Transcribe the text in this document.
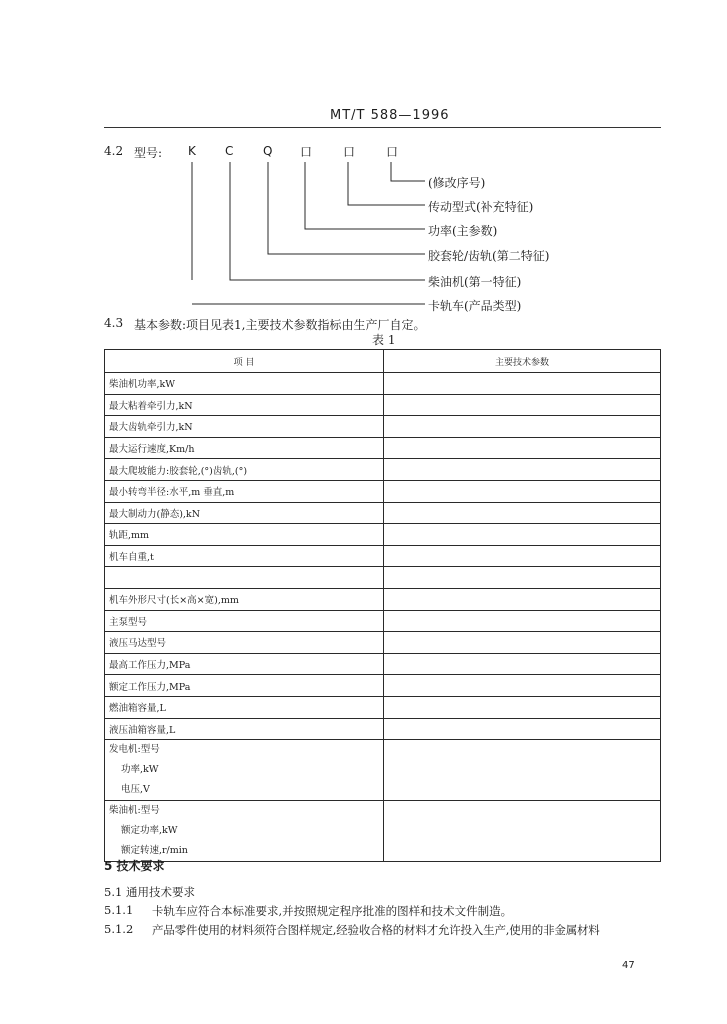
MT/T 588—1996
4.2 型号: K C Q 口	口	口
(修改序号)
传动型式(补充特征)
功率(主参数)
胶套轮/齿轨(第二特征)
柴油机(第一特征)
卡轨车(产品类型)
4.3 基本参数:项目见表1,主要技术参数指标由生产厂自定。
表 1
项 目	主要技术参数
柴油机功率,kW	
最大粘着牵引力,kN	
最大齿轨牵引力,kN	
最大运行速度,Km/h	
最大爬坡能力:胶套轮,(°)齿轨,(°)	
最小转弯半径:水平,m 垂直,m	
最大制动力(静态),kN	
轨距,mm	
机车自重,t	

机车外形尺寸(长×高×宽),mm	
主泵型号	
液压马达型号	
最高工作压力,MPa	
额定工作压力,MPa	
燃油箱容量,L	
液压油箱容量,L	

发电机:型号
功率,kW
电压,V	

柴油机:型号
额定功率,kW
额定转速,r/min	

5 技术要求
5.1 通用技术要求
5.1.1 卡轨车应符合本标准要求,并按照规定程序批准的图样和技术文件制造。
5.1.2 产品零件使用的材料须符合图样规定,经验收合格的材料才允许投入生产,使用的非金属材料
47
